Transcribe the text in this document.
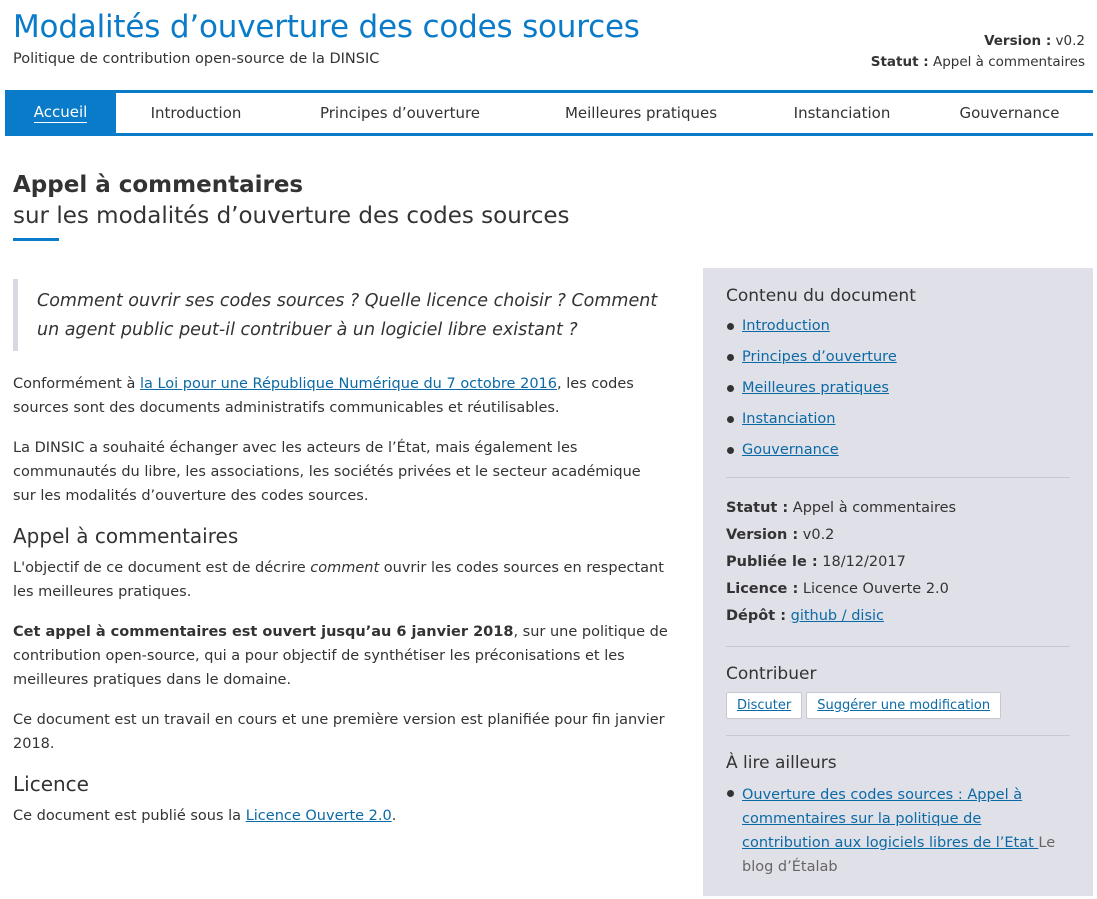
Modalités d’ouverture des codes sources
Politique de contribution open-source de la DINSIC
Version : v0.2
Statut : Appel à commentaires
Accueil	Introduction	Principes d’ouverture	Meilleures pratiques	Instanciation	Gouvernance
Appel à commentaires
sur les modalités d’ouverture des codes sources
Comment ouvrir ses codes sources ? Quelle licence choisir ? Comment un agent public peut-il contribuer à un logiciel libre existant ?

Conformément à la Loi pour une République Numérique du 7 octobre 2016, les codes sources sont des documents administratifs communicables et réutilisables.

La DINSIC a souhaité échanger avec les acteurs de l’État, mais également les communautés du libre, les associations, les sociétés privées et le secteur académique sur les modalités d’ouverture des codes sources.

Appel à commentaires

L'objectif de ce document est de décrire comment ouvrir les codes sources en respectant les meilleures pratiques.

Cet appel à commentaires est ouvert jusqu’au 6 janvier 2018, sur une politique de contribution open-source, qui a pour objectif de synthétiser les préconisations et les meilleures pratiques dans le domaine.

Ce document est un travail en cours et une première version est planifiée pour fin janvier 2018.

Licence

Ce document est publié sous la Licence Ouverte 2.0.

Contenu du document
Introduction
Principes d’ouverture
Meilleures pratiques
Instanciation
Gouvernance
Statut : Appel à commentaires
Version : v0.2
Publiée le : 18/12/2017
Licence : Licence Ouverte 2.0
Dépôt : github / disic
Contribuer
Discuter	Suggérer une modification
À lire ailleurs
Ouverture des codes sources : Appel à commentaires sur la politique de contribution aux logiciels libres de l’Etat Le blog d’Étalab
